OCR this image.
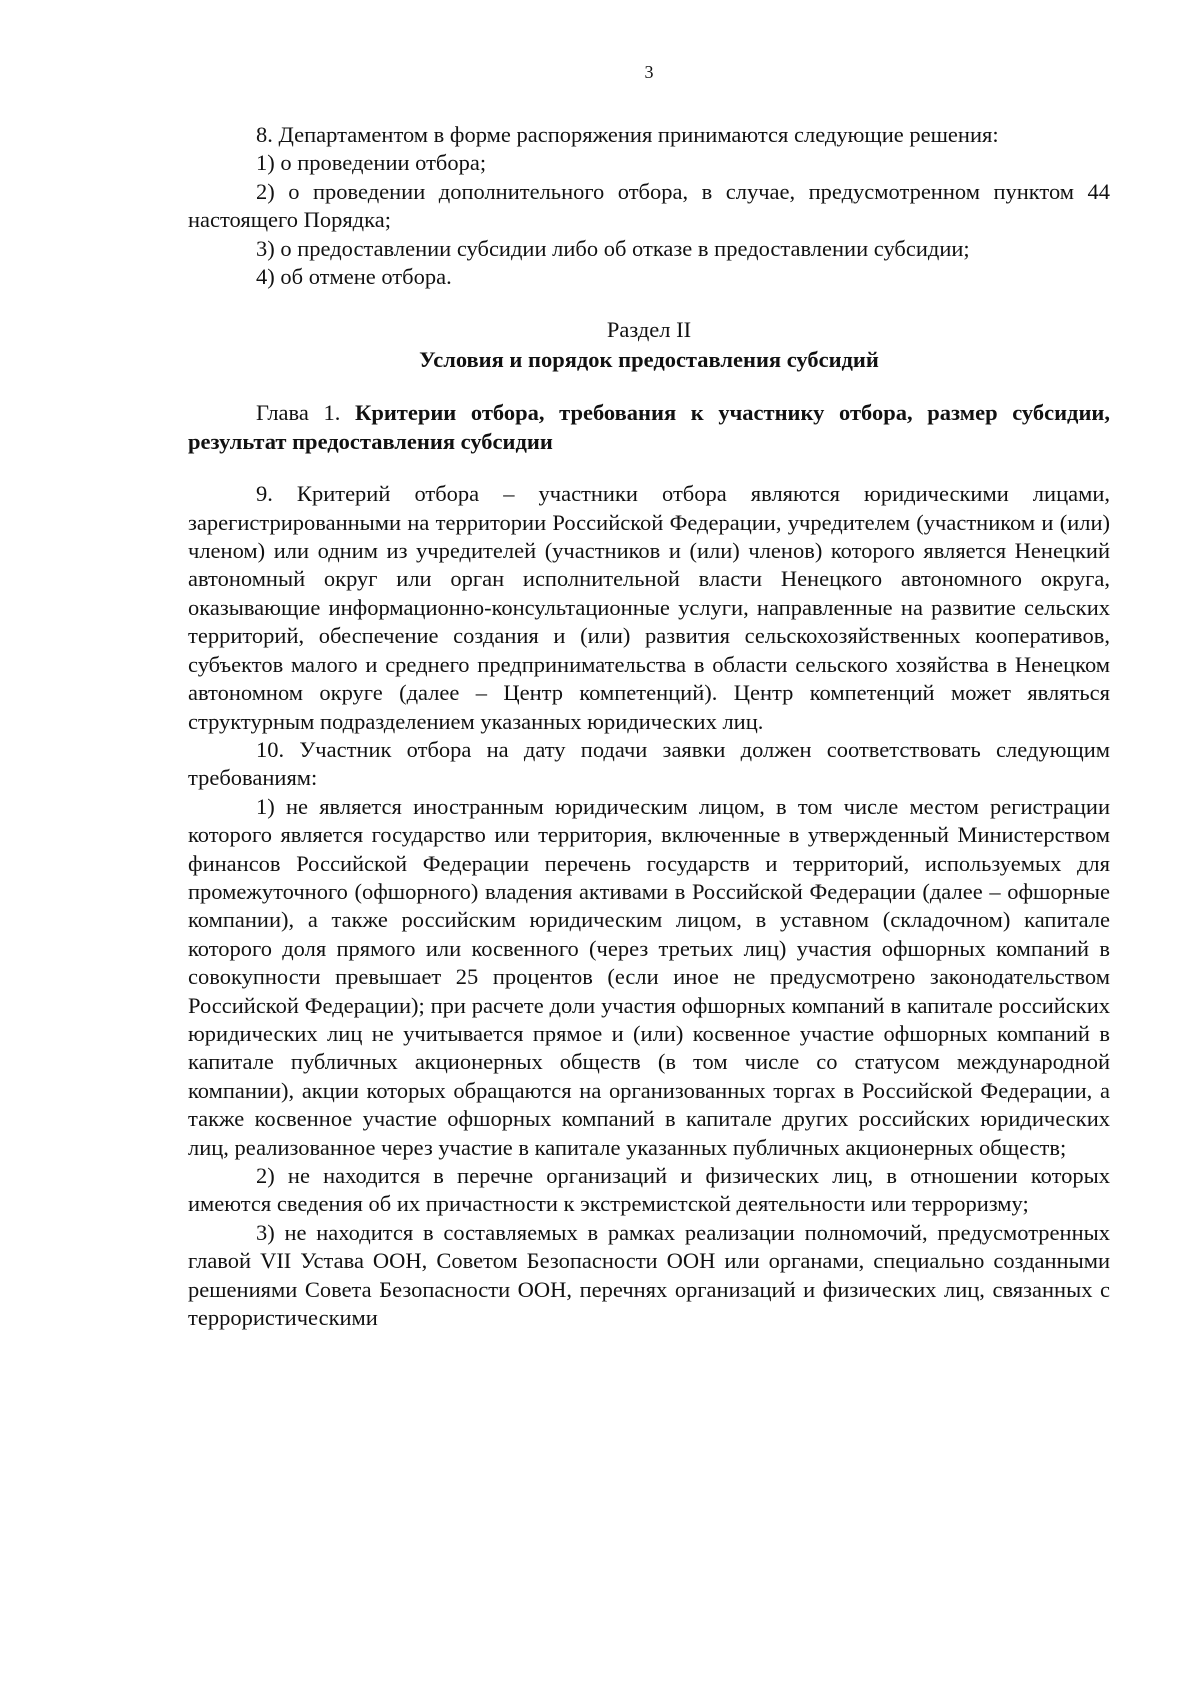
3

8. Департаментом в форме распоряжения принимаются следующие решения:

1) о проведении отбора;

2) о проведении дополнительного отбора, в случае, предусмотренном пунктом 44 настоящего Порядка;

3) о предоставлении субсидии либо об отказе в предоставлении субсидии;

4) об отмене отбора.

Раздел II

Условия и порядок предоставления субсидий

Глава 1. Критерии отбора, требования к участнику отбора, размер субсидии, результат предоставления субсидии

9. Критерий отбора – участники отбора являются юридическими лицами, зарегистрированными на территории Российской Федерации, учредителем (участником и (или) членом) или одним из учредителей (участников и (или) членов) которого является Ненецкий автономный округ или орган исполнительной власти Ненецкого автономного округа, оказывающие информационно-консультационные услуги, направленные на развитие сельских территорий, обеспечение создания и (или) развития сельскохозяйственных кооперативов, субъектов малого и среднего предпринимательства в области сельского хозяйства в Ненецком автономном округе (далее – Центр компетенций). Центр компетенций может являться структурным подразделением указанных юридических лиц.

10. Участник отбора на дату подачи заявки должен соответствовать следующим требованиям:

1) не является иностранным юридическим лицом, в том числе местом регистрации которого является государство или территория, включенные в утвержденный Министерством финансов Российской Федерации перечень государств и территорий, используемых для промежуточного (офшорного) владения активами в Российской Федерации (далее – офшорные компании), а также российским юридическим лицом, в уставном (складочном) капитале которого доля прямого или косвенного (через третьих лиц) участия офшорных компаний в совокупности превышает 25 процентов (если иное не предусмотрено законодательством Российской Федерации); при расчете доли участия офшорных компаний в капитале российских юридических лиц не учитывается прямое и (или) косвенное участие офшорных компаний в капитале публичных акционерных обществ (в том числе со статусом международной компании), акции которых обращаются на организованных торгах в Российской Федерации, а также косвенное участие офшорных компаний в капитале других российских юридических лиц, реализованное через участие в капитале указанных публичных акционерных обществ;

2) не находится в перечне организаций и физических лиц, в отношении которых имеются сведения об их причастности к экстремистской деятельности или терроризму;

3) не находится в составляемых в рамках реализации полномочий, предусмотренных главой VII Устава ООН, Советом Безопасности ООН или органами, специально созданными решениями Совета Безопасности ООН, перечнях организаций и физических лиц, связанных с террористическими
